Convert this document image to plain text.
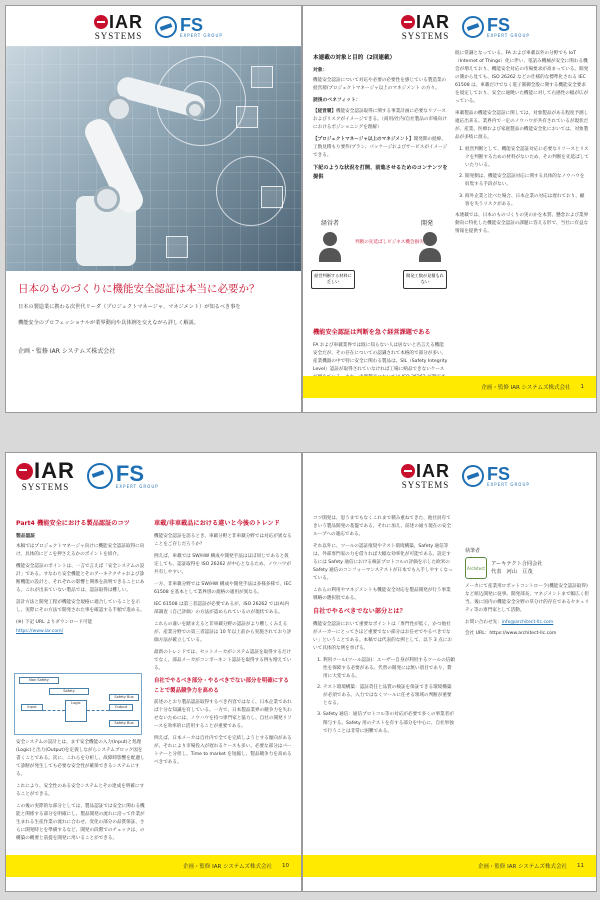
IAR
SYSTEMS
FS
EXPERT GROUP
日本のものづくりに機能安全認証は本当に必要か？
日本の製造業に携わる次世代リーダ（プロジェクトマネージャ、マネジメント）が知るべき事を
機能安全のプロフェッショナルが業界動向や具体例を交えながら詳しく解説。
企画・監修 IAR システムズ株式会社
IAR
SYSTEMS
FS
EXPERT GROUP
本連載の対象と目的（2回連載）
対象：

機能安全認証について対応や必要の必要性を感じている製造業の経営層/プロジェクトマネージャ以上のマネジメント の方々。

読後のベネフィット：

【経営層】機能安全認証取得に関する事業計画に必要なリソースおよびリスクがイメージできる。（商用/社内/自社製品の市場向けにおけるポジショニングを理解）

【プロジェクトマネージャ以上のマネジメント】開発期の経緯、工数見積もり要件/プラン、パッケージおよびサービスがイメージできる。

下記のような状況を打開、前進させるためのコンテンツを提供
経営者	開発
判断の先延ばしビジネス機会損失
経営判断する材料に乏しい
開発工数が見積もれない
機能安全認証は判断を急ぐ経営課題である

FA および車載業界では既に知らない人は居ないと名言える機能安全だが、その存在についての認識されて本格的で部分が多い。産業機器の中で特に安全に関わる製品は、SIL（Safety Integrity Level）認証が取得されていなければ工場に納品できないケース

既に常識となっている。FA および車載以外の分野でも IoT（Internet of Things）化に伴い、電話み機械が安全に関わる機会が増えており、機能安全対応の市場要求が高まっている。開発の側から見ても、ISO 26262 などの仕様的な標準化される IEC 61508 は、車載だけでなく電子制御全般に関する機能安全要求を規定しており、安全に通暁いた機能に対して右感性の幅が広がっている。

車載製品の機能安全認証に関しては、対象製品がある程度予測し適応出来る。業界内で一定のノウハウが共有されているが現状だが、産業、医療および家庭製品の機能安全化においては、対象製品が多岐に渡る。

1. 経営判断として、機能安全認証対応に必要なリソースとリスクを判断するための材料がないため、その判断を先延ばしていたりいる。
2. 開発側は、機能安全認証対応に関する具体的なノウハウを収集する手段がない。
3. 海外企業と比べた場合、日本企業の対応は遅れており、顧客を失うリスクがある。

本連載では、日本のものづくりの実のかを本質、懸念および業界動向に特化した機能安全認証の課題に答える形で、当社に有益な情報を提供する。

企画・監修 IAR システムズ株式会社 1
IAR
SYSTEMS
FS
EXPERT GROUP
Part4 機能安全における製品認証のコツ
製品認証

本稿ではプロジェクトマネージャ向けに機能安全認証取得に向け、具体的にどこを押さえるかのポイントを紹介。

機能安全認証のポイントは、一言で言えば「安全システムの設計」である。すなわち安全機能とそのアーキテクチャおよび診断機能の設計と、それぞれの影響と関係を説明できることにある。これが出来ていない製品では、認証取得は難しい。

設計方法と開発工程が機能安全規格に適合していることを示し、実際にその方法で開発された事を確認する手順で進める。

(※) 下記 URL よりダウンロード可能
https://www.iar.com/

Non Safety
Safety
Input
Logic
Output
Safety Bus
Safety Bus

安全システムの設計とは、まず安全機能の入力(Input)と処理(Logic)と出力(Output)を定義しながらシステムブロック図を書くことである。次に、これらを分析し、故障時影響を配慮して診断が発生しても必要な安全性が確保できるシステムにする。

これにより、安全性のある安全システムとその達成を明確にすることができる。

この後の実際的な部分としては、製品認証では安全に関わる機能と関係する部分を明確にし、製品開発の流れに沿って作業が生まれる生産作業の流れに合わせ、変化の部分の品質保証、さらに開発時とを準備するなど、開発の段階でのチェックは、の構築の概要と前提を開発に用いることができる。

車載/非車載品における違いと今後のトレンド

機能安全認証を語るとき、車載分野と非車載分野では対応が異なることをご存じだろうか？

例えば、車載では SW/HW 構成や開発手法はほぼ同じであると仮定しても、認証取得を ISO 26262 が中心となるため、ノウハウが共有しやすい。

一方、非車載分野では SW/HW 構成や開発手法は多様多様で、IEC 61508 を基本として業界別の規格の適用が異なる。

IEC 61508 は第三者認証が必要であるが、ISO 26262 では(A)内部調査（自己評価）の方法が認められているのが現状である。

これらの違いを踏まえると非車載分野の認証がより難しくみえるが、産業分野での第三者認証は 10 年以上前から実施されており評価方法が確立している。

最新のトレンドでは、セットメーカがシステム認証を取得するだけでなく、部品メーカがコンポーネント認証を取得する例も増えている。

自社でやるべき部分・やるべきでない部分を明確にすることで製品競争力を高める

前述のとおり製品認証取得するべき内容ではなく、日本企業であれば十分な知識を有している。一方で、日本製品業界の競争力を失わせないためには、ノウハウを持つ専門家と協力し、自社の開発リソースを効率的に活用することが重要である。

例えば、日本メーカは自社内で全てを完結しようとする傾向があるが、それにより市場投入が遅れるケースも多い。必要な部分はパートナーと分担し、Time to market を短縮し、製品競争力を高めるべきである。

企画・監修 IAR システムズ株式会社 10
IAR
SYSTEMS
FS
EXPERT GROUP

コツ開発は、思うまでもなくこれまで積み重ねてきた、他社員有てきいう製品開発の基盤である。それに加え、前述の通り現在の安全ループへの適応である。

それ以外に、ツールの認証推奨やテスト環境構築、Safety 通信等は、外部専門家の力を借りれば大幅な効率化が可能である。設定するには Safety 通信における検証プロトコルの評価を示した欧米の Safety 通信のコンフォーマンステストが日本でも入手しやすくなっている。

これらの利用やマネジメントも機能安全対応を製品開発が行う事業戦略の選択肢である。

自社でやるべきでない部分とは？

機能安全認証において重要なポイントは「専門性が低く、かつ他社がメーカーにとってさほど重要でない部分はお任せでやるべきでない」ということである。本稿では代表的な例として、以下 3 点において具体的な例を挙げる。

1. 利用ツール(ツール認証)：ユーザー自身が利用するツールの信頼性を保障する必要がある。代替の開発には無い項目であり、費用に大変である。
2. テスト環境構築：認証責任と品質の検証を保証できる環境構築が必須である。入力ではなくツールに任せる領域の判断が重要となる。
3. Safety 通信：通信プロトコル等の対応が必要で多くの事業者が関与する。Safety 用のテストを有する部分を中心に、自社単独で行うことは非常に困難である。
執筆者
Architect
アーキテクト合同会社
代表　河山　亘茂

メーカにて産業用ロボットコントローラ(機能安全認証取得)など組込開発に従事。開発部長、マネジメントまで幅広く担当。後に国内の機能安全分野の草分け的存在であるセキュリティ等の専門家として活動。

お問い合わせ先：info@architect-llc.com

会社 URL：https://www.architect-llc.com

企画・監修 IAR システムズ株式会社 11
